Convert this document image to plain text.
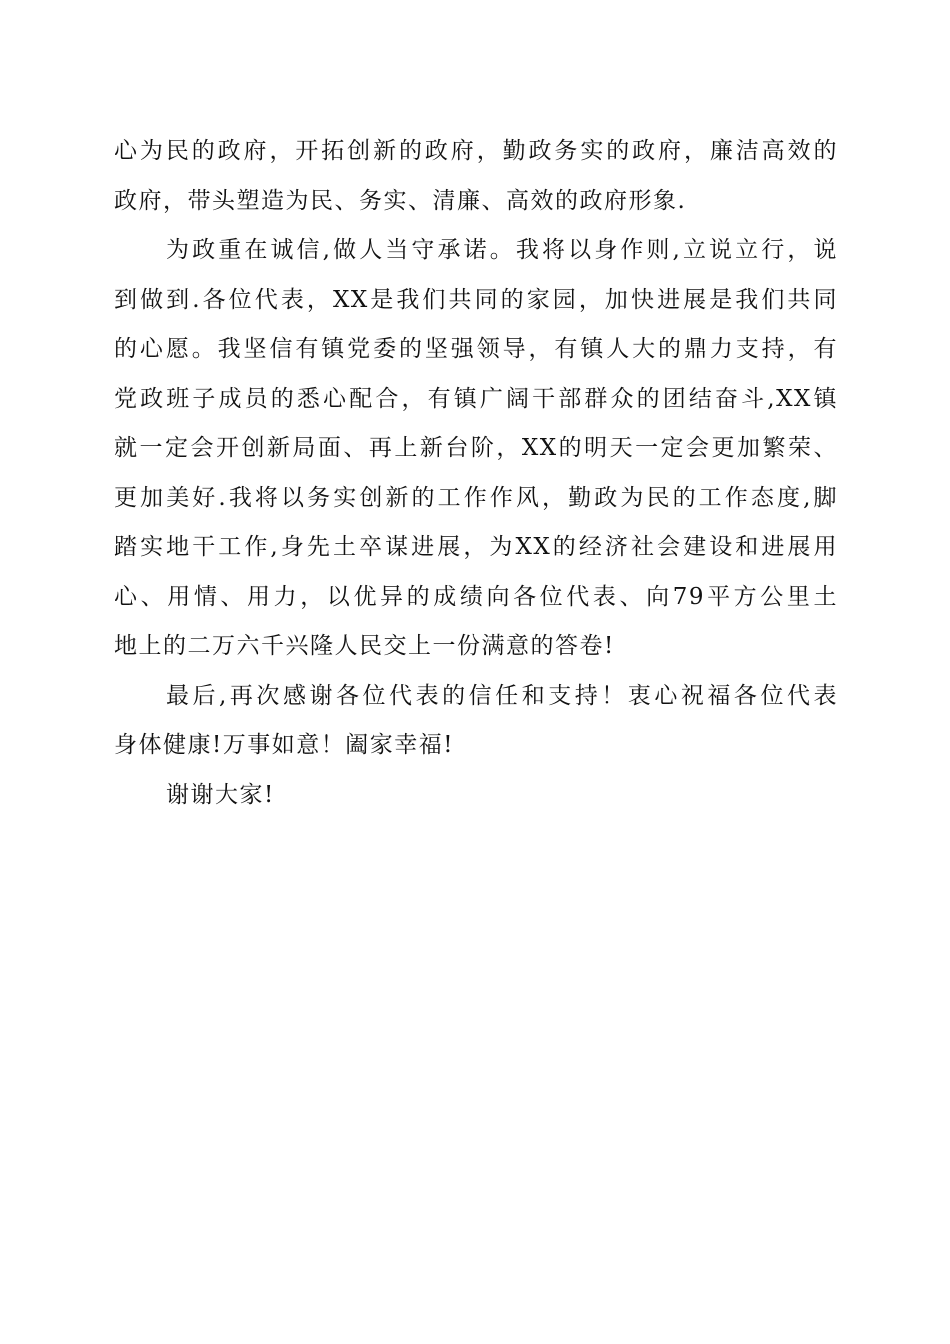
心为民的政府，开拓创新的政府，勤政务实的政府，廉洁高效的
政府，带头塑造为民、务实、清廉、高效的政府形象.
为政重在诚信,做人当守承诺。我将以身作则,立说立行，说
到做到.各位代表，XX是我们共同的家园，加快进展是我们共同
的心愿。我坚信有镇党委的坚强领导，有镇人大的鼎力支持，有
党政班子成员的悉心配合，有镇广阔干部群众的团结奋斗,XX镇
就一定会开创新局面、再上新台阶，XX的明天一定会更加繁荣、
更加美好.我将以务实创新的工作作风，勤政为民的工作态度,脚
踏实地干工作,身先土卒谋进展，为XX的经济社会建设和进展用
心、用情、用力，以优异的成绩向各位代表、向79平方公里土
地上的二万六千兴隆人民交上一份满意的答卷!
最后,再次感谢各位代表的信任和支持！衷心祝福各位代表
身体健康!万事如意！阖家幸福!
谢谢大家!
